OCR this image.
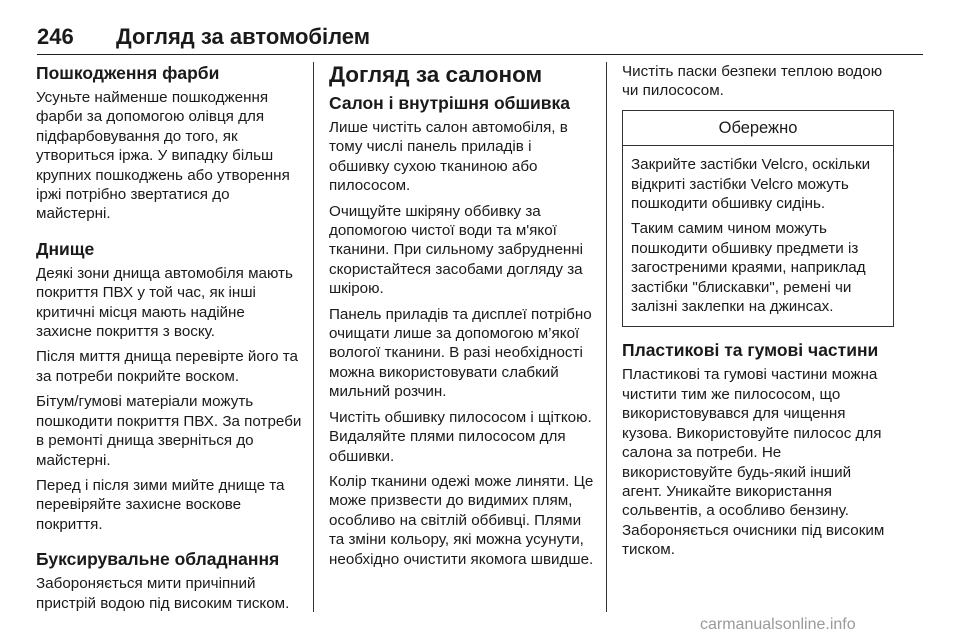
246 Догляд за автомобілем
Пошкодження фарби

Усуньте найменше пошкодження фарби за допомогою олівця для підфарбовування до того, як утвориться іржа. У випадку більш крупних пошкоджень або утворення іржі потрібно звертатися до майстерні.

Днище

Деякі зони днища автомобіля мають покриття ПВХ у той час, як інші критичні місця мають надійне захисне покриття з воску.

Після миття днища перевірте його та за потреби покрийте воском.

Бітум/гумові матеріали можуть пошкодити покриття ПВХ. За потреби в ремонті днища зверніться до майстерні.

Перед і після зими мийте днище та перевіряйте захисне воскове покриття.

Буксирувальне обладнання

Забороняється мити причіпний пристрій водою під високим тиском.

Догляд за салоном
Салон і внутрішня обшивка

Лише чистіть салон автомобіля, в тому числі панель приладів і обшивку сухою тканиною або пилососом.

Очищуйте шкіряну оббивку за допомогою чистої води та м'якої тканини. При сильному забрудненні скористайтеся засобами догляду за шкірою.

Панель приладів та дисплеї потрібно очищати лише за допомогою м’якої вологої тканини. В разі необхідності можна використовувати слабкий мильний розчин.

Чистіть обшивку пилососом і щіткою. Видаляйте плями пилососом для обшивки.

Колір тканини одежі може линяти. Це може призвести до видимих плям, особливо на світлій оббивці. Плями та зміни кольору, які можна усунути, необхідно очистити якомога швидше.

Чистіть паски безпеки теплою водою чи пилососом.

Обережно

Закрийте застібки Velcro, оскільки відкриті застібки Velcro можуть пошкодити обшивку сидінь.

Таким самим чином можуть пошкодити обшивку предмети із загостреними краями, наприклад застібки "блискавки", ремені чи залізні заклепки на джинсах.

Пластикові та гумові частини

Пластикові та гумові частини можна чистити тим же пилососом, що використовувався для чищення кузова. Використовуйте пилосос для салона за потреби. Не використовуйте будь-який інший агент. Уникайте використання сольвентів, а особливо бензину. Забороняється очисники під високим тиском.

carmanualsonline.info
